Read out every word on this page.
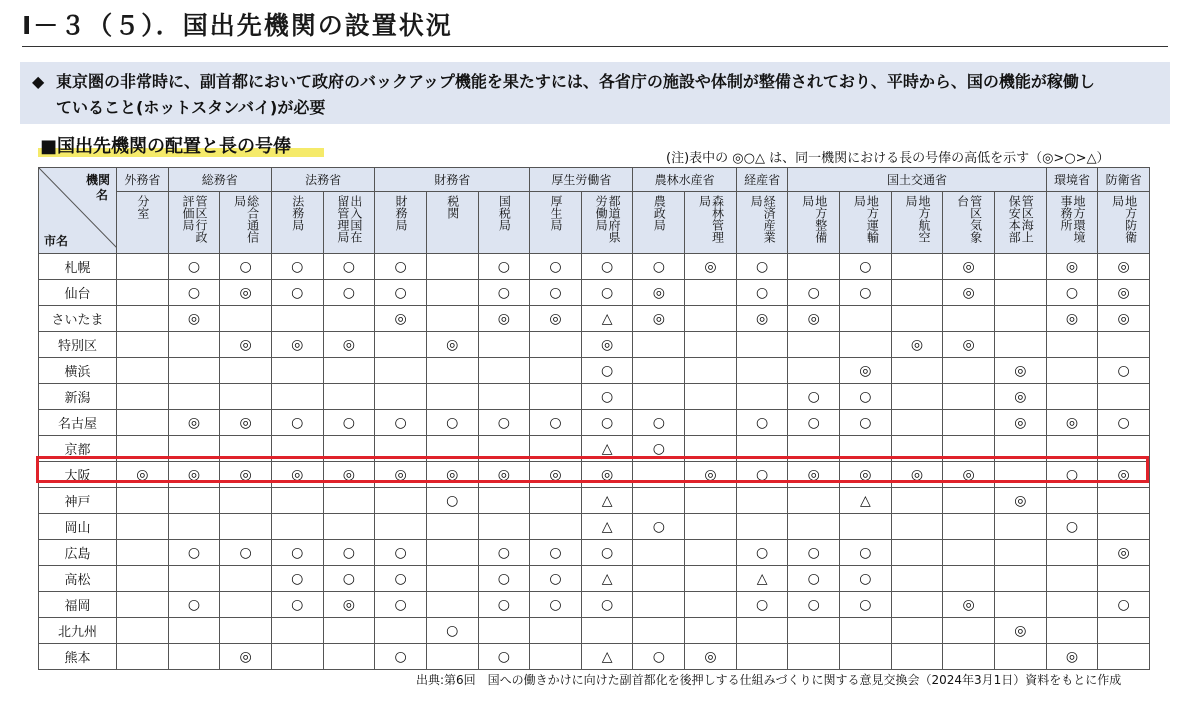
Ⅰ－３（５）．国出先機関の設置状況
◆ 東京圏の非常時に、副首都において政府のバックアップ機能を果たすには、各省庁の施設や体制が整備されており、平時から、国の機能が稼働し
ていること(ホットスタンバイ)が必要
■国出先機関の配置と長の号俸
(注)表中の ◎○△ は、同一機関における長の号俸の高低を示す（◎>○>△）
機関
名
市名	外務省	総務省		法務省		財務省			厚生労働省		農林水産省		経産省	国土交通省					環境省	防衛省
	分室	管区行政評価局	総合通信局	法務局	出入国在留管理局	財務局	税関	国税局	厚生局	都道府県労働局	農政局	森林管理局	経済産業局	地方整備局	地方運輸局	地方航空局	管区気象台	管区海上保安本部	地方環境事務所	地方防衛局
札幌		○	○	○	○	○		○	○	○	○	◎	○		○		◎		◎	◎
仙台		○	◎	○	○	○		○	○	○	◎		○	○	○		◎		○	◎
さいたま		◎				◎		◎	◎	△	◎		◎	◎					◎	◎
特別区			◎	◎	◎		◎			◎						◎	◎			
横浜										○					◎			◎		○
新潟										○				○	○			◎		
名古屋		◎	◎	○	○	○	○	○	○	○	○		○	○	○			◎	◎	○
京都										△	○									
大阪	◎	◎	◎	◎	◎	◎	◎	◎	◎	◎		◎	○	◎	◎	◎	◎		○	◎
神戸							○			△					△			◎		
岡山										△	○								○	
広島		○	○	○	○	○		○	○	○			○	○	○					◎
高松				○	○	○		○	○	△			△	○	○					
福岡		○		○	◎	○		○	○	○			○	○	○		◎			○
北九州							○											◎		
熊本			◎			○		○		△	○	◎							◎	
出典:第6回　国への働きかけに向けた副首都化を後押しする仕組みづくりに関する意見交換会（2024年3月1日）資料をもとに作成
